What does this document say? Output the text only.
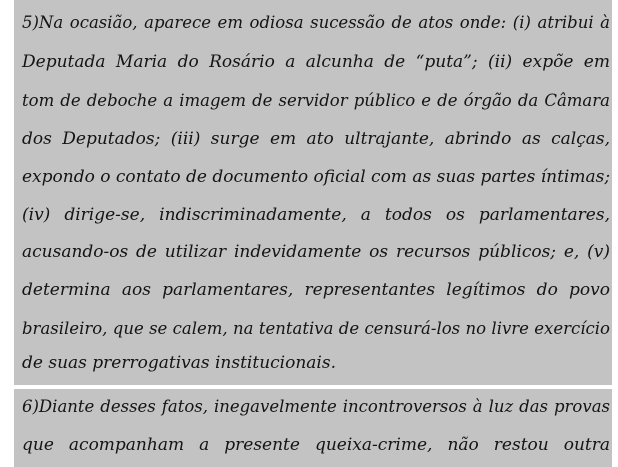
5)Na ocasião, aparece em odiosa sucessão de atos onde: (i) atribui à

Deputada Maria do Rosário a alcunha de “puta”; (ii) expõe em

tom de deboche a imagem de servidor público e de órgão da Câmara

dos Deputados; (iii) surge em ato ultrajante, abrindo as calças,

expondo o contato de documento oficial com as suas partes íntimas;

(iv) dirige-se, indiscriminadamente, a todos os parlamentares,

acusando-os de utilizar indevidamente os recursos públicos; e, (v)

determina aos parlamentares, representantes legítimos do povo

brasileiro, que se calem, na tentativa de censurá-los no livre exercício

de suas prerrogativas institucionais.

6)Diante desses fatos, inegavelmente incontroversos à luz das provas

que acompanham a presente queixa-crime, não restou outra
